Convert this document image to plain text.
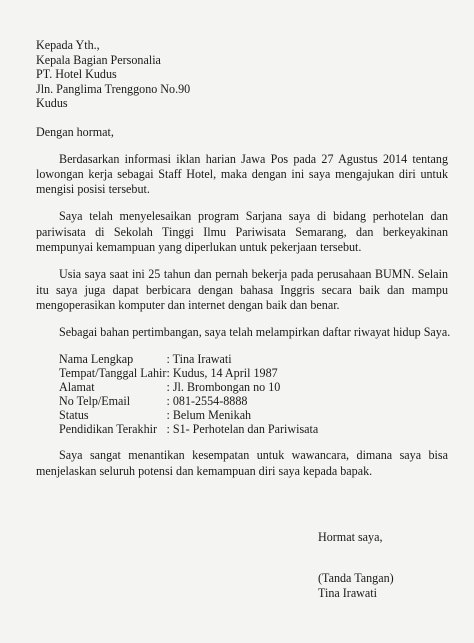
Kepada Yth.,
Kepala Bagian Personalia
PT. Hotel Kudus
Jln. Panglima Trenggono No.90
Kudus
Dengan hormat,

Berdasarkan informasi iklan harian Jawa Pos pada 27 Agustus 2014 tentang lowongan kerja sebagai Staff Hotel, maka dengan ini saya mengajukan diri untuk mengisi posisi tersebut.

Saya telah menyelesaikan program Sarjana saya di bidang perhotelan dan pariwisata di Sekolah Tinggi Ilmu Pariwisata Semarang, dan berkeyakinan mempunyai kemampuan yang diperlukan untuk pekerjaan tersebut.

Usia saya saat ini 25 tahun dan pernah bekerja pada perusahaan BUMN. Selain itu saya juga dapat berbicara dengan bahasa Inggris secara baik dan mampu mengoperasikan komputer dan internet dengan baik dan benar.

Sebagai bahan pertimbangan, saya telah melampirkan daftar riwayat hidup Saya.
Nama Lengkap	: Tina Irawati
Tempat/Tanggal Lahir	: Kudus, 14 April 1987
Alamat	: Jl. Brombongan no 10
No Telp/Email	: 081-2554-8888
Status	: Belum Menikah
Pendidikan Terakhir	: S1- Perhotelan dan Pariwisata

Saya sangat menantikan kesempatan untuk wawancara, dimana saya bisa menjelaskan seluruh potensi dan kemampuan diri saya kepada bapak.

Hormat saya,
(Tanda Tangan)
Tina Irawati
